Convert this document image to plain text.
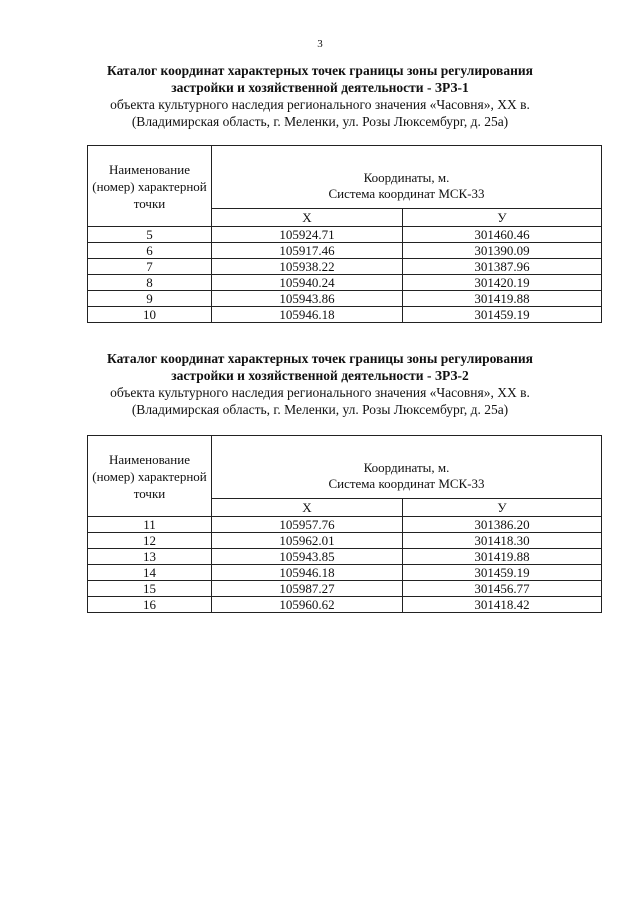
3
Каталог координат характерных точек границы зоны регулирования
застройки и хозяйственной деятельности - ЗРЗ-1
объекта культурного наследия регионального значения «Часовня», XX в.
(Владимирская область, г. Меленки, ул. Розы Люксембург, д. 25а)
Наименование (номер) характерной точки	Координаты, м.
Система координат МСК-33	

	Х	У
5	105924.71	301460.46
6	105917.46	301390.09
7	105938.22	301387.96
8	105940.24	301420.19
9	105943.86	301419.88
10	105946.18	301459.19
Каталог координат характерных точек границы зоны регулирования
застройки и хозяйственной деятельности - ЗРЗ-2
объекта культурного наследия регионального значения «Часовня», XX в.
(Владимирская область, г. Меленки, ул. Розы Люксембург, д. 25а)
Наименование (номер) характерной точки	Координаты, м.
Система координат МСК-33	

	Х	У
11	105957.76	301386.20
12	105962.01	301418.30
13	105943.85	301419.88
14	105946.18	301459.19
15	105987.27	301456.77
16	105960.62	301418.42
